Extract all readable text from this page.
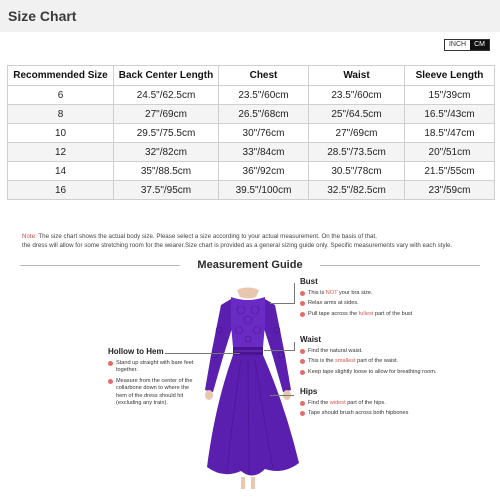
Size Chart
INCH	CM
Recommended Size	Back Center Length	Chest	Waist	Sleeve Length
6	24.5"/62.5cm	23.5"/60cm	23.5"/60cm	15"/39cm
8	27"/69cm	26.5"/68cm	25"/64.5cm	16.5"/43cm
10	29.5"/75.5cm	30"/76cm	27"/69cm	18.5"/47cm
12	32"/82cm	33"/84cm	28.5"/73.5cm	20"/51cm
14	35"/88.5cm	36"/92cm	30.5"/78cm	21.5"/55cm
16	37.5"/95cm	39.5"/100cm	32.5"/82.5cm	23"/59cm
Note: The size chart shows the actual body size. Please select a size according to your actual measurement. On the basis of that,
the dress will allow for some stretching room for the wearer.Size chart is provided as a general sizing guide only. Specific measurements vary with each style.
Measurement Guide
Bust
This is NOT your bra size.
Relax arms at sides.
Pull tape across the fullest part of the bust
Waist
Find the natural waist.
This is the smallest part of the waist.
Keep tape slightly loose to allow for breathing room.
Hips
Find the widest part of the hips.
Tape should brush across both hipbones
Hollow to Hem
Stand up straight with bare feet together.
Measure from the center of the collarbone down to where the hem of the dress should hit (excluding any train).
